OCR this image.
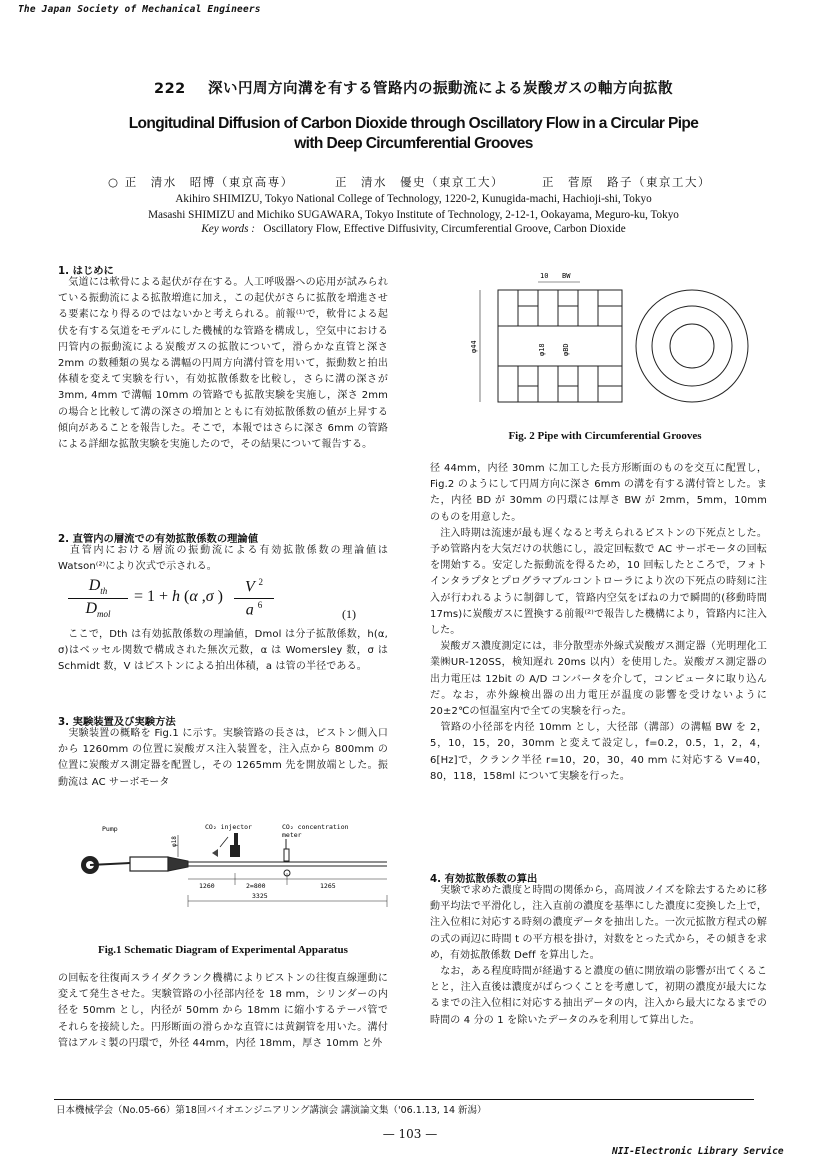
The Japan Society of Mechanical Engineers
222 深い円周方向溝を有する管路内の振動流による炭酸ガスの軸方向拡散
Longitudinal Diffusion of Carbon Dioxide through Oscillatory Flow in a Circular Pipe
with Deep Circumferential Grooves
○ 正　清水　昭博（東京高専）	正　清水　優史（東京工大）	正　菅原　路子（東京工大）
Akihiro SHIMIZU, Tokyo National College of Technology, 1220-2, Kunugida-machi, Hachioji-shi, Tokyo
Masashi SHIMIZU and Michiko SUGAWARA, Tokyo Institute of Technology, 2-12-1, Ookayama, Meguro-ku, Tokyo
Key words : Oscillatory Flow, Effective Diffusivity, Circumferential Groove, Carbon Dioxide
1. はじめに

　気道には軟骨による起伏が存在する。人工呼吸器への応用が試みられている振動流による拡散増進に加え，この起伏がさらに拡散を増進させる要素になり得るのではないかと考えられる。前報⁽¹⁾で，軟骨による起伏を有する気道をモデルにした機械的な管路を構成し，空気中における円管内の振動流による炭酸ガスの拡散について，滑らかな直管と深さ 2mm の数種類の異なる溝幅の円周方向溝付管を用いて，振動数と拍出体積を変えて実験を行い，有効拡散係数を比較し，さらに溝の深さが 3mm, 4mm で溝幅 10mm の管路でも拡散実験を実施し，深さ 2mm の場合と比較して溝の深さの増加とともに有効拡散係数の値が上昇する傾向があることを報告した。そこで，本報ではさらに深さ 6mm の管路による詳細な拡散実験を実施したので，その結果について報告する。

2. 直管内の層流での有効拡散係数の理論値
　直管内における層流の振動流による有効拡散係数の理論値は Watson⁽²⁾により次式で示される。
$D_{th}$
$D_{mol}$
= 1 + h (α ,σ )
V $^2$
a $^6$
(1)
　ここで，Dth は有効拡散係数の理論値，Dmol は分子拡散係数，h(α, σ)はベッセル関数で構成された無次元数，α は Womersley 数，σ は Schmidt 数，V はピストンによる拍出体積，a は管の半径である。
3. 実験装置及び実験方法
　実験装置の概略を Fig.1 に示す。実験管路の長さは，ピストン側入口から 1260mm の位置に炭酸ガス注入装置を，注入点から 800mm の位置に炭酸ガス測定器を配置し，その 1265mm 先を開放端とした。振動流は AC サーボモータ
Pump	CO₂ injector	CO₂ concentration
meter
φ18
1260	2=800	1265
3325
Fig.1 Schematic Diagram of Experimental Apparatus
の回転を往復両スライダクランク機構によりピストンの往復直線運動に変えて発生させた。実験管路の小径部内径を 18 mm，シリンダーの内径を 50mm とし，内径が 50mm から 18mm に縮小するテーパ管でそれらを接続した。円形断面の滑らかな直管には黄銅管を用いた。溝付管はアルミ製の円環で，外径 44mm，内径 18mm，厚さ 10mm と外
10 BW
φ44	φ18 φBD
Fig. 2 Pipe with Circumferential Grooves

径 44mm，内径 30mm に加工した長方形断面のものを交互に配置し，Fig.2 のようにして円周方向に深さ 6mm の溝を有する溝付管とした。また，内径 BD が 30mm の円環には厚さ BW が 2mm，5mm，10mm のものを用意した。

　注入時期は流速が最も遅くなると考えられるピストンの下死点とした。予め管路内を大気だけの状態にし，設定回転数で AC サーボモータの回転を開始する。安定した振動流を得るため，10 回転したところで，フォトインタラプタとプログラマブルコントローラにより次の下死点の時刻に注入が行われるように制御して，管路内空気をばねの力で瞬間的(移動時間 17ms)に炭酸ガスに置換する前報⁽²⁾で報告した機構により，管路内に注入した。

　炭酸ガス濃度測定には，非分散型赤外線式炭酸ガス測定器（光明理化工業㈱UR-120SS，検知遅れ 20ms 以内）を使用した。炭酸ガス測定器の出力電圧は 12bit の A/D コンバータを介して，コンピュータに取り込んだ。なお，赤外線検出器の出力電圧が温度の影響を受けないように 20±2℃の恒温室内で全ての実験を行った。

　管路の小径部を内径 10mm とし，大径部（溝部）の溝幅 BW を 2，5，10，15，20，30mm と変えて設定し，f=0.2，0.5，1，2，4，6[Hz]で，クランク半径 r=10，20，30，40 mm に対応する V=40，80，118，158ml について実験を行った。

4. 有効拡散係数の算出

　実験で求めた濃度と時間の関係から，高周波ノイズを除去するために移動平均法で平滑化し，注入直前の濃度を基準にした濃度に変換した上で，注入位相に対応する時刻の濃度データを抽出した。一次元拡散方程式の解の式の両辺に時間 t の平方根を掛け，対数をとった式から，その傾きを求め，有効拡散係数 Deff を算出した。

　なお，ある程度時間が経過すると濃度の値に開放端の影響が出てくることと，注入直後は濃度がばらつくことを考慮して，初期の濃度が最大になるまでの注入位相に対応する抽出データの内，注入から最大になるまでの時間の 4 分の 1 を除いたデータのみを利用して算出した。

日本機械学会（No.05-66）第18回バイオエンジニアリング講演会 講演論文集（'06.1.13, 14 新潟）
— 103 —
NII-Electronic Library Service
